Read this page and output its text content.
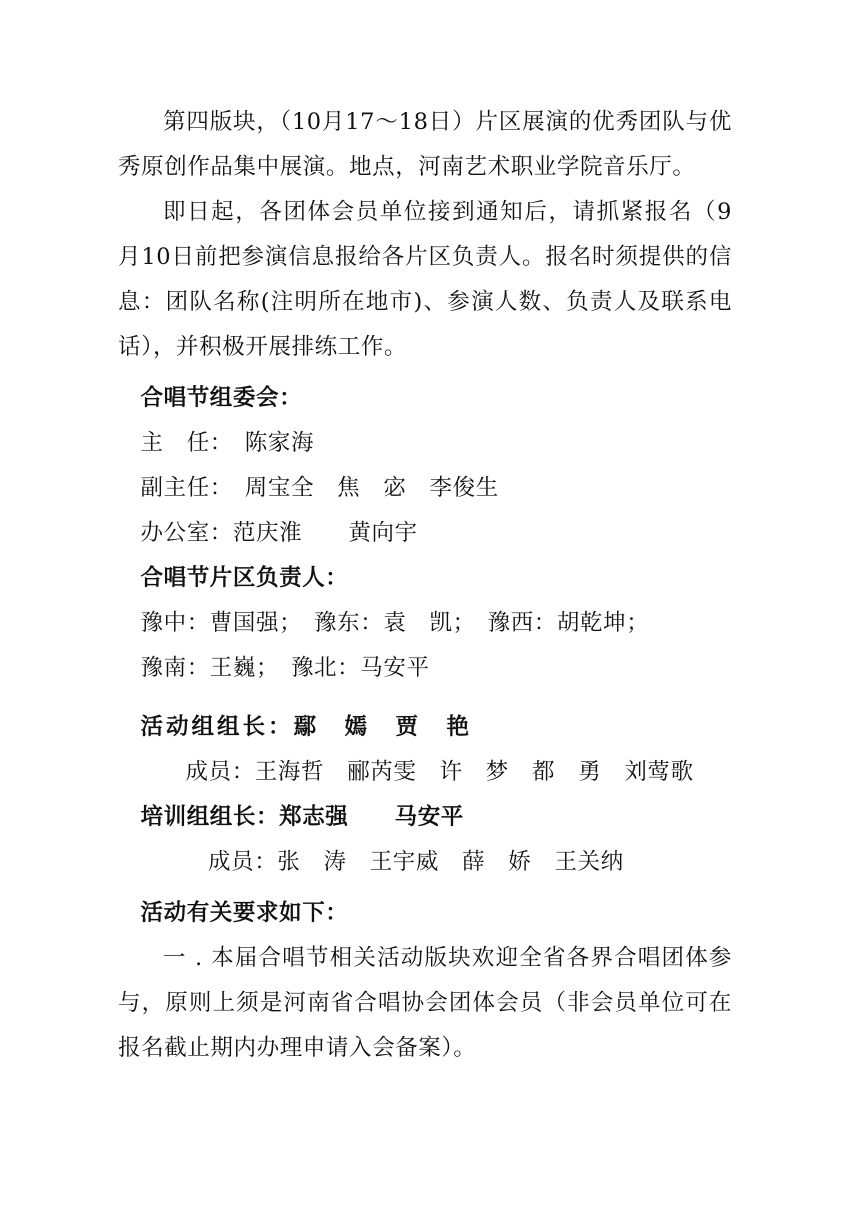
第四版块，（10月17～18日）片区展演的优秀团队与优秀原创作品集中展演。地点，河南艺术职业学院音乐厅。

即日起，各团体会员单位接到通知后，请抓紧报名（9月10日前把参演信息报给各片区负责人。报名时须提供的信息：团队名称(注明所在地市)、参演人数、负责人及联系电话），并积极开展排练工作。

合唱节组委会：

主　任：　陈家海

副主任：　周宝全　焦　宓　李俊生

办公室：范庆淮　　黄向宇

合唱节片区负责人：

豫中：曹国强；　豫东：袁　凯；　豫西：胡乾坤；

豫南：王巍；　豫北：马安平

活动组组长：鄢　嫣　贾　艳

成员：王海哲　郦芮雯　许　梦　都　勇　刘莺歌

培训组组长：郑志强　　马安平

成员：张　涛　王宇威　薛　娇　王关纳

活动有关要求如下：

一 . 本届合唱节相关活动版块欢迎全省各界合唱团体参与，原则上须是河南省合唱协会团体会员（非会员单位可在报名截止期内办理申请入会备案）。
